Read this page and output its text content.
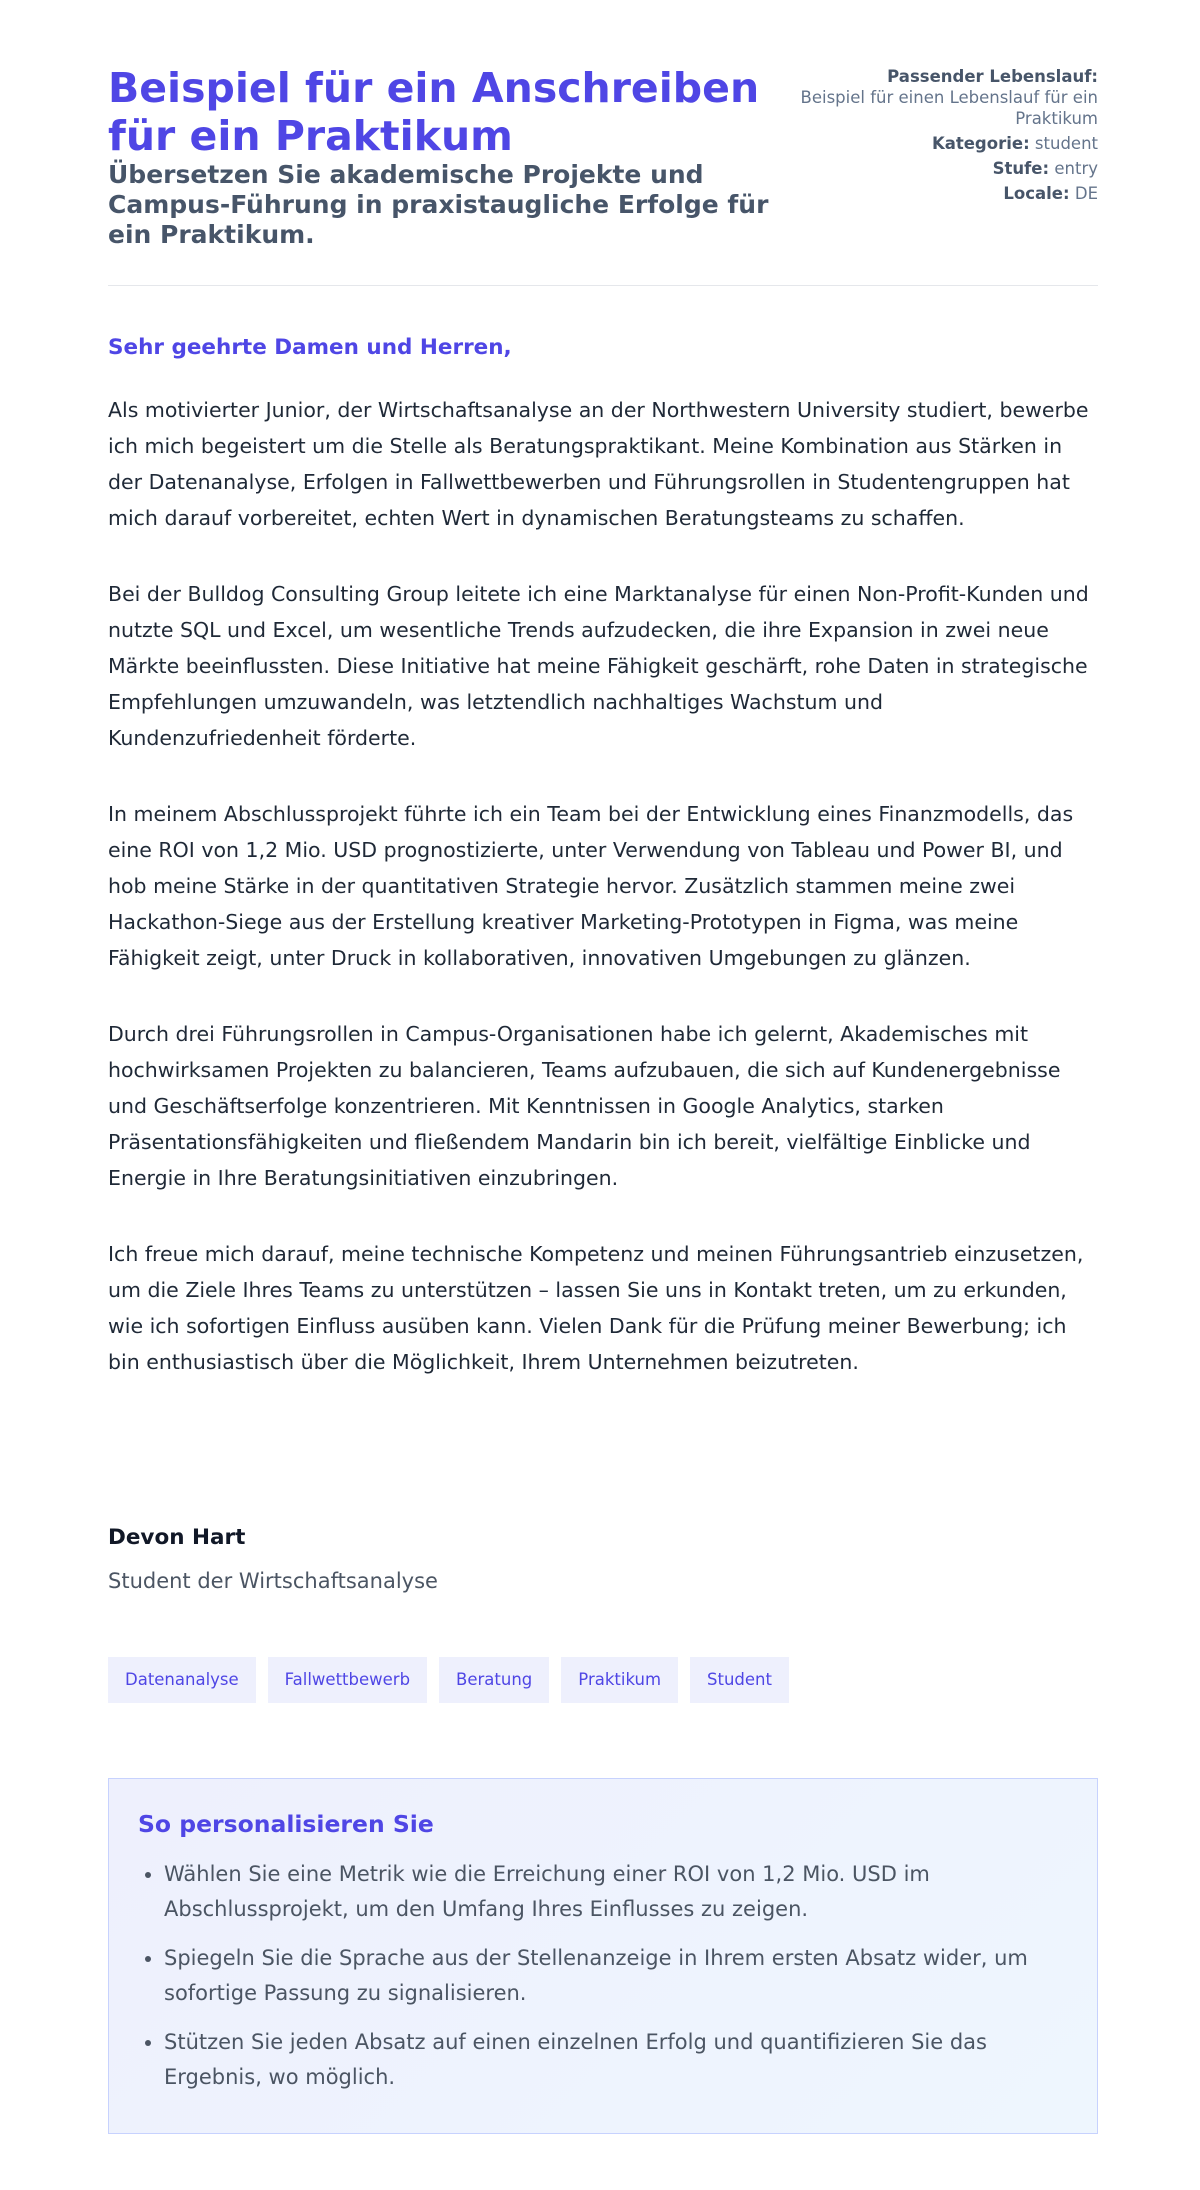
Beispiel für ein Anschreiben für ein Praktikum
Übersetzen Sie akademische Projekte und Campus-Führung in praxistaugliche Erfolge für ein Praktikum.
Passender Lebenslauf:
Beispiel für einen Lebenslauf für ein Praktikum
Kategorie: student
Stufe: entry
Locale: DE

Sehr geehrte Damen und Herren,

Als motivierter Junior, der Wirtschaftsanalyse an der Northwestern University studiert, bewerbe ich mich begeistert um die Stelle als Beratungspraktikant. Meine Kombination aus Stärken in der Datenanalyse, Erfolgen in Fallwettbewerben und Führungsrollen in Studentengruppen hat mich darauf vorbereitet, echten Wert in dynamischen Beratungsteams zu schaffen.

Bei der Bulldog Consulting Group leitete ich eine Marktanalyse für einen Non-Profit-Kunden und nutzte SQL und Excel, um wesentliche Trends aufzudecken, die ihre Expansion in zwei neue Märkte beeinflussten. Diese Initiative hat meine Fähigkeit geschärft, rohe Daten in strategische Empfehlungen umzuwandeln, was letztendlich nachhaltiges Wachstum und Kundenzufriedenheit förderte.

In meinem Abschlussprojekt führte ich ein Team bei der Entwicklung eines Finanzmodells, das eine ROI von 1,2 Mio. USD prognostizierte, unter Verwendung von Tableau und Power BI, und hob meine Stärke in der quantitativen Strategie hervor. Zusätzlich stammen meine zwei Hackathon-Siege aus der Erstellung kreativer Marketing-Prototypen in Figma, was meine Fähigkeit zeigt, unter Druck in kollaborativen, innovativen Umgebungen zu glänzen.

Durch drei Führungsrollen in Campus-Organisationen habe ich gelernt, Akademisches mit hochwirksamen Projekten zu balancieren, Teams aufzubauen, die sich auf Kundenergebnisse und Geschäftserfolge konzentrieren. Mit Kenntnissen in Google Analytics, starken Präsentationsfähigkeiten und fließendem Mandarin bin ich bereit, vielfältige Einblicke und Energie in Ihre Beratungsinitiativen einzubringen.

Ich freue mich darauf, meine technische Kompetenz und meinen Führungsantrieb einzusetzen, um die Ziele Ihres Teams zu unterstützen – lassen Sie uns in Kontakt treten, um zu erkunden, wie ich sofortigen Einfluss ausüben kann. Vielen Dank für die Prüfung meiner Bewerbung; ich bin enthusiastisch über die Möglichkeit, Ihrem Unternehmen beizutreten.

Devon Hart
Student der Wirtschaftsanalyse
Datenanalyse	Fallwettbewerb	Beratung	Praktikum	Student
So personalisieren Sie
• Wählen Sie eine Metrik wie die Erreichung einer ROI von 1,2 Mio. USD im Abschlussprojekt, um den Umfang Ihres Einflusses zu zeigen.
• Spiegeln Sie die Sprache aus der Stellenanzeige in Ihrem ersten Absatz wider, um sofortige Passung zu signalisieren.
• Stützen Sie jeden Absatz auf einen einzelnen Erfolg und quantifizieren Sie das Ergebnis, wo möglich.
